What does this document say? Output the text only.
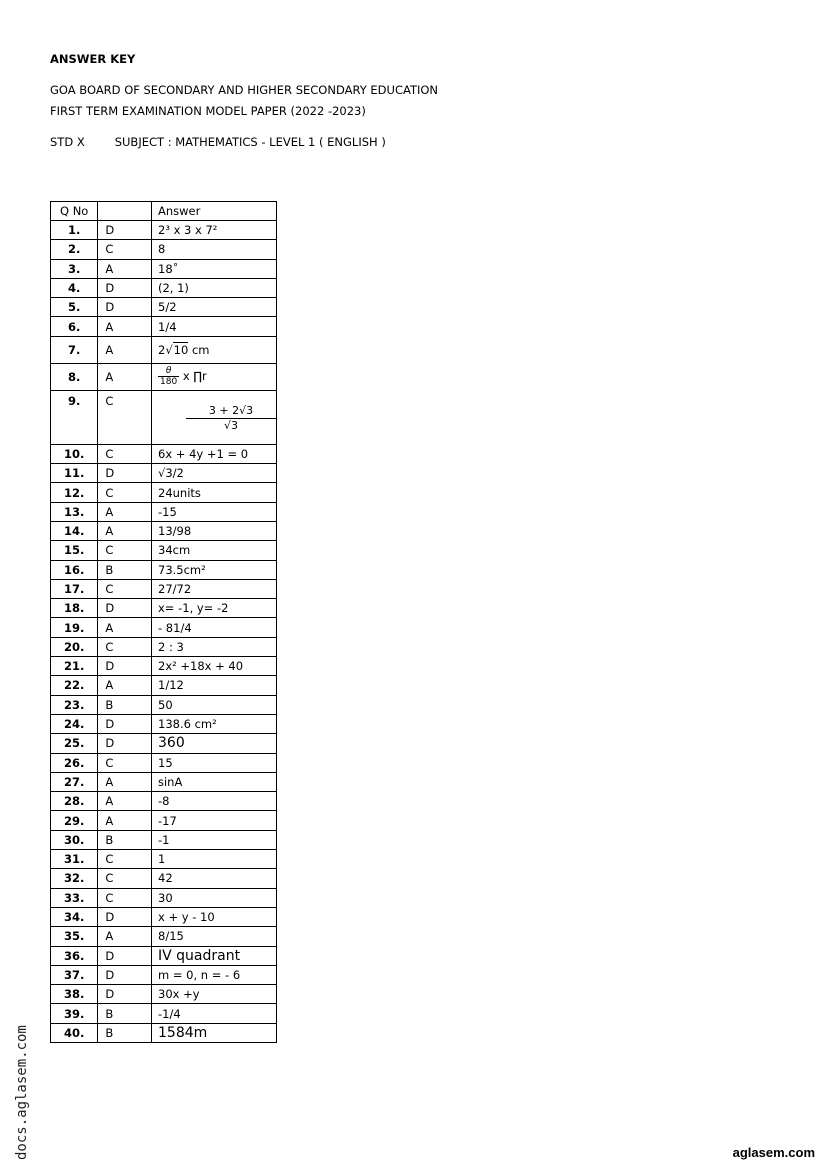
ANSWER KEY
GOA BOARD OF SECONDARY AND HIGHER SECONDARY EDUCATION
FIRST TERM EXAMINATION MODEL PAPER (2022 -2023)
STD X	SUBJECT : MATHEMATICS - LEVEL 1 ( ENGLISH )
Q No		Answer
1.	D	2³ x 3 x 7²
2.	C	8
3.	A	18˚
4.	D	(2, 1)
5.	D	5/2
6.	A	1/4
7.	A	2√10 cm
8.	A	$\frac{\theta}{180}$ x ∏r
9.	C	3 + 2√3
√3

10.	C	6x + 4y +1 = 0
11.	D	√3/2
12.	C	24units
13.	A	-15
14.	A	13/98
15.	C	34cm
16.	B	73.5cm²
17.	C	27/72
18.	D	x= -1, y= -2
19.	A	- 81/4
20.	C	2 : 3
21.	D	2x² +18x + 40
22.	A	1/12
23.	B	50
24.	D	138.6 cm²
25.	D	360
26.	C	15
27.	A	sinA
28.	A	-8
29.	A	-17
30.	B	-1
31.	C	1
32.	C	42
33.	C	30
34.	D	x + y - 10
35.	A	8/15
36.	D	IV quadrant
37.	D	m = 0, n = - 6
38.	D	30x +y
39.	B	-1/4
40.	B	1584m
docs.aglasem.com	aglasem.com
